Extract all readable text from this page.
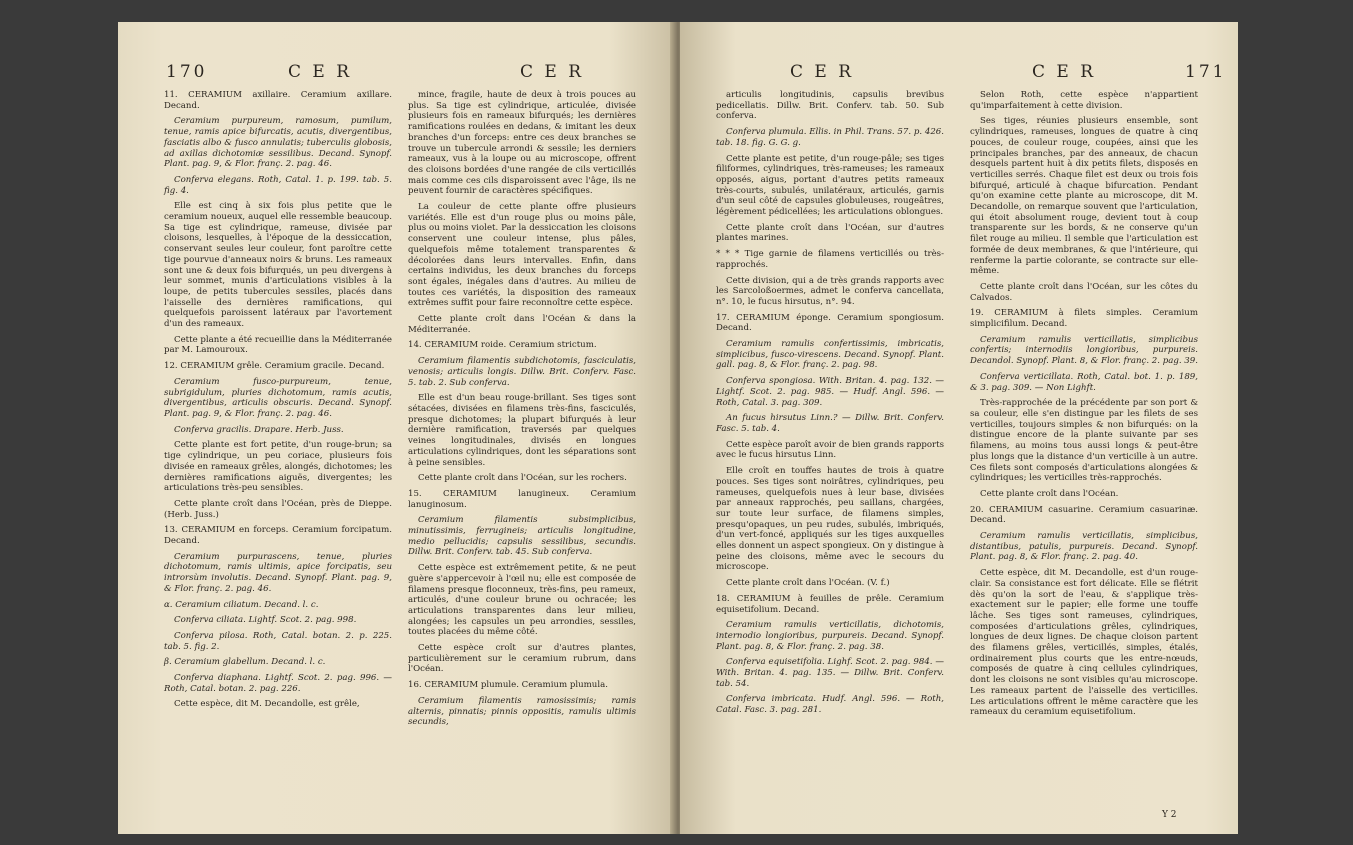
170	C E R	C E R

11. CERAMIUM axillaire. Ceramium axillare. Decand.

Ceramium purpureum, ramosum, pumilum, tenue, ramis apice bifurcatis, acutis, divergentibus, fasciatis albo & fusco annulatis; tuberculis globosis, ad axillas dichotomiæ sessilibus. Decand. Synopf. Plant. pag. 9, & Flor. franç. 2. pag. 46.

Conferva elegans. Roth, Catal. 1. p. 199. tab. 5. fig. 4.

Elle est cinq à six fois plus petite que le ceramium noueux, auquel elle ressemble beaucoup. Sa tige est cylindrique, rameuse, divisée par cloisons, lesquelles, à l'époque de la dessiccation, conservant seules leur couleur, font paroître cette tige pourvue d'anneaux noirs & bruns. Les rameaux sont une & deux fois bifurqués, un peu divergens à leur sommet, munis d'articulations visibles à la loupe, de petits tubercules sessiles, placés dans l'aisselle des dernières ramifications, qui quelquefois paroissent latéraux par l'avortement d'un des rameaux.

Cette plante a été recueillie dans la Méditerranée par M. Lamouroux.

12. CERAMIUM grêle. Ceramium gracile. Decand.

Ceramium fusco-purpureum, tenue, subrigidulum, pluries dichotomum, ramis acutis, divergentibus, articulis obscuris. Decand. Synopf. Plant. pag. 9, & Flor. franç. 2. pag. 46.

Conferva gracilis. Drapare. Herb. Juss.

Cette plante est fort petite, d'un rouge-brun; sa tige cylindrique, un peu coriace, plusieurs fois divisée en rameaux grêles, alongés, dichotomes; les dernières ramifications aiguës, divergentes; les articulations très-peu sensibles.

Cette plante croît dans l'Océan, près de Dieppe. (Herb. Juss.)

13. CERAMIUM en forceps. Ceramium forcipatum. Decand.

Ceramium purpurascens, tenue, pluries dichotomum, ramis ultimis, apice forcipatis, seu introrsùm involutis. Decand. Synopf. Plant. pag. 9, & Flor. franç. 2. pag. 46.

α. Ceramium ciliatum. Decand. l. c.

Conferva ciliata. Lightf. Scot. 2. pag. 998.

Conferva pilosa. Roth, Catal. botan. 2. p. 225. tab. 5. fig. 2.

β. Ceramium glabellum. Decand. l. c.

Conferva diaphana. Lightf. Scot. 2. pag. 996. — Roth, Catal. botan. 2. pag. 226.

Cette espèce, dit M. Decandolle, est grêle,

mince, fragile, haute de deux à trois pouces au plus. Sa tige est cylindrique, articulée, divisée plusieurs fois en rameaux bifurqués; les dernières ramifications roulées en dedans, & imitant les deux branches d'un forceps: entre ces deux branches se trouve un tubercule arrondi & sessile; les derniers rameaux, vus à la loupe ou au microscope, offrent des cloisons bordées d'une rangée de cils verticillés mais comme ces cils disparoissent avec l'âge, ils ne peuvent fournir de caractères spécifiques.

La couleur de cette plante offre plusieurs variétés. Elle est d'un rouge plus ou moins pâle, plus ou moins violet. Par la dessiccation les cloisons conservent une couleur intense, plus pâles, quelquefois même totalement transparentes & décolorées dans leurs intervalles. Enfin, dans certains individus, les deux branches du forceps sont égales, inégales dans d'autres. Au milieu de toutes ces variétés, la disposition des rameaux extrêmes suffit pour faire reconnoître cette espèce.

Cette plante croît dans l'Océan & dans la Méditerranée.

14. CERAMIUM roide. Ceramium strictum.

Ceramium filamentis subdichotomis, fasciculatis, venosis; articulis longis. Dillw. Brit. Conferv. Fasc. 5. tab. 2. Sub conferva.

Elle est d'un beau rouge-brillant. Ses tiges sont sétacées, divisées en filamens très-fins, fasciculés, presque dichotomes; la plupart bifurqués à leur dernière ramification, traversés par quelques veines longitudinales, divisés en longues articulations cylindriques, dont les séparations sont à peine sensibles.

Cette plante croît dans l'Océan, sur les rochers.

15. CERAMIUM lanugineux. Ceramium lanuginosum.

Ceramium filamentis subsimplicibus, minutissimis, ferrugineis; articulis longitudine, medio pellucidis; capsulis sessilibus, secundis. Dillw. Brit. Conferv. tab. 45. Sub conferva.

Cette espèce est extrêmement petite, & ne peut guère s'appercevoir à l'œil nu; elle est composée de filamens presque floconneux, très-fins, peu rameux, articulés, d'une couleur brune ou ochracée; les articulations transparentes dans leur milieu, alongées; les capsules un peu arrondies, sessiles, toutes placées du même côté.

Cette espèce croît sur d'autres plantes, particulièrement sur le ceramium rubrum, dans l'Océan.

16. CERAMIUM plumule. Ceramium plumula.

Ceramium filamentis ramosissimis; ramis alternis, pinnatis; pinnis oppositis, ramulis ultimis secundis,

C E R	C E R	171

articulis longitudinis, capsulis brevibus pedicellatis. Dillw. Brit. Conferv. tab. 50. Sub conferva.

Conferva plumula. Ellis. in Phil. Trans. 57. p. 426. tab. 18. fig. G. G. g.

Cette plante est petite, d'un rouge-pâle; ses tiges filiformes, cylindriques, très-rameuses; les rameaux opposés, aigus, portant d'autres petits rameaux très-courts, subulés, unilatéraux, articulés, garnis d'un seul côté de capsules globuleuses, rougeâtres, légèrement pédicellées; les articulations oblongues.

Cette plante croît dans l'Océan, sur d'autres plantes marines.

* * * Tige garnie de filamens verticillés ou très-rapprochés.

Cette division, qui a de très grands rapports avec les Sarcoloßoermes, admet le conferva cancellata, n°. 10, le fucus hirsutus, n°. 94.

17. CERAMIUM éponge. Ceramium spongiosum. Decand.

Ceramium ramulis confertissimis, imbricatis, simplicibus, fusco-virescens. Decand. Synopf. Plant. gall. pag. 8, & Flor. franç. 2. pag. 98.

Conferva spongiosa. With. Britan. 4. pag. 132. — Lightf. Scot. 2. pag. 985. — Hudf. Angl. 596. — Roth, Catal. 3. pag. 309.

An fucus hirsutus Linn.? — Dillw. Brit. Conferv. Fasc. 5. tab. 4.

Cette espèce paroît avoir de bien grands rapports avec le fucus hirsutus Linn.

Elle croît en touffes hautes de trois à quatre pouces. Ses tiges sont noirâtres, cylindriques, peu rameuses, quelquefois nues à leur base, divisées par anneaux rapprochés, peu saillans, chargées, sur toute leur surface, de filamens simples, presqu'opaques, un peu rudes, subulés, imbriqués, d'un vert-foncé, appliqués sur les tiges auxquelles elles donnent un aspect spongieux. On y distingue à peine des cloisons, même avec le secours du microscope.

Cette plante croît dans l'Océan. (V. f.)

18. CERAMIUM à feuilles de prêle. Ceramium equisetifolium. Decand.

Ceramium ramulis verticillatis, dichotomis, internodio longioribus, purpureis. Decand. Synopf. Plant. pag. 8, & Flor. franç. 2. pag. 38.

Conferva equisetifolia. Lighf. Scot. 2. pag. 984. — With. Britan. 4. pag. 135. — Dillw. Brit. Conferv. tab. 54.

Conferva imbricata. Hudf. Angl. 596. — Roth, Catal. Fasc. 3. pag. 281.

Selon Roth, cette espèce n'appartient qu'imparfaitement à cette division.

Ses tiges, réunies plusieurs ensemble, sont cylindriques, rameuses, longues de quatre à cinq pouces, de couleur rouge, coupées, ainsi que les principales branches, par des anneaux, de chacun desquels partent huit à dix petits filets, disposés en verticilles serrés. Chaque filet est deux ou trois fois bifurqué, articulé à chaque bifurcation. Pendant qu'on examine cette plante au microscope, dit M. Decandolle, on remarque souvent que l'articulation, qui étoit absolument rouge, devient tout à coup transparente sur les bords, & ne conserve qu'un filet rouge au milieu. Il semble que l'articulation est formée de deux membranes, & que l'intérieure, qui renferme la partie colorante, se contracte sur elle-même.

Cette plante croît dans l'Océan, sur les côtes du Calvados.

19. CERAMIUM à filets simples. Ceramium simplicifilum. Decand.

Ceramium ramulis verticillatis, simplicibus confertis; internodiis longioribus, purpureis. Decandol. Synopf. Plant. 8, & Flor. franç. 2. pag. 39.

Conferva verticillata. Roth, Catal. bot. 1. p. 189, & 3. pag. 309. — Non Lighft.

Très-rapprochée de la précédente par son port & sa couleur, elle s'en distingue par les filets de ses verticilles, toujours simples & non bifurqués: on la distingue encore de la plante suivante par ses filamens, au moins tous aussi longs & peut-être plus longs que la distance d'un verticille à un autre. Ces filets sont composés d'articulations alongées & cylindriques; les verticilles très-rapprochés.

Cette plante croît dans l'Océan.

20. CERAMIUM casuarine. Ceramium casuarinæ. Decand.

Ceramium ramulis verticillatis, simplicibus, distantibus, patulis, purpureis. Decand. Synopf. Plant. pag. 8, & Flor. franç. 2. pag. 40.

Cette espèce, dit M. Decandolle, est d'un rouge-clair. Sa consistance est fort délicate. Elle se flétrit dès qu'on la sort de l'eau, & s'applique très-exactement sur le papier; elle forme une touffe lâche. Ses tiges sont rameuses, cylindriques, composées d'articulations grêles, cylindriques, longues de deux lignes. De chaque cloison partent des filamens grêles, verticillés, simples, étalés, ordinairement plus courts que les entre-nœuds, composés de quatre à cinq cellules cylindriques, dont les cloisons ne sont visibles qu'au microscope. Les rameaux partent de l'aisselle des verticilles. Les articulations offrent le même caractère que les rameaux du ceramium equisetifolium.

Y 2
